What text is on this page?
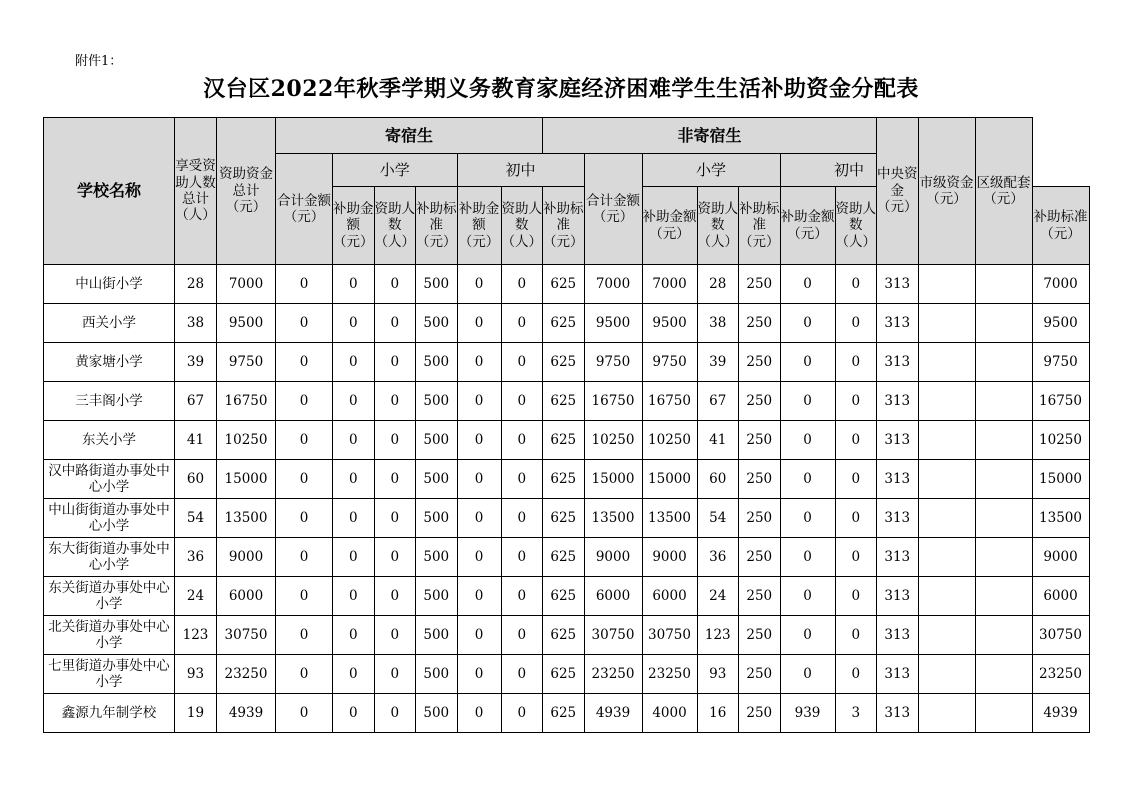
附件1：
汉台区2022年秋季学期义务教育家庭经济困难学生生活补助资金分配表
学校名称	享受资助人数总计（人）	资助资金总计（元）	寄宿生						非寄宿生							中央资金（元）	市级资金（元）	区级配套（元）	
			合计金额（元）	小学			初中			合计金额（元）	小学			初中					
				补助金额（元）	资助人数（人）	补助标准（元）	补助金额（元）	资助人数（人）	补助标准（元）		补助金额（元）	资助人数（人）	补助标准（元）	补助金额（元）	资助人数（人）				补助标准（元）
中山街小学	28	7000	0	0	0	500	0	0	625	7000	7000	28	250	0	0	313			7000
西关小学	38	9500	0	0	0	500	0	0	625	9500	9500	38	250	0	0	313			9500
黄家塘小学	39	9750	0	0	0	500	0	0	625	9750	9750	39	250	0	0	313			9750
三丰阁小学	67	16750	0	0	0	500	0	0	625	16750	16750	67	250	0	0	313			16750
东关小学	41	10250	0	0	0	500	0	0	625	10250	10250	41	250	0	0	313			10250
汉中路街道办事处中心小学	60	15000	0	0	0	500	0	0	625	15000	15000	60	250	0	0	313			15000
中山街街道办事处中心小学	54	13500	0	0	0	500	0	0	625	13500	13500	54	250	0	0	313			13500
东大街街道办事处中心小学	36	9000	0	0	0	500	0	0	625	9000	9000	36	250	0	0	313			9000
东关街道办事处中心小学	24	6000	0	0	0	500	0	0	625	6000	6000	24	250	0	0	313			6000
北关街道办事处中心小学	123	30750	0	0	0	500	0	0	625	30750	30750	123	250	0	0	313			30750
七里街道办事处中心小学	93	23250	0	0	0	500	0	0	625	23250	23250	93	250	0	0	313			23250
鑫源九年制学校	19	4939	0	0	0	500	0	0	625	4939	4000	16	250	939	3	313			4939
